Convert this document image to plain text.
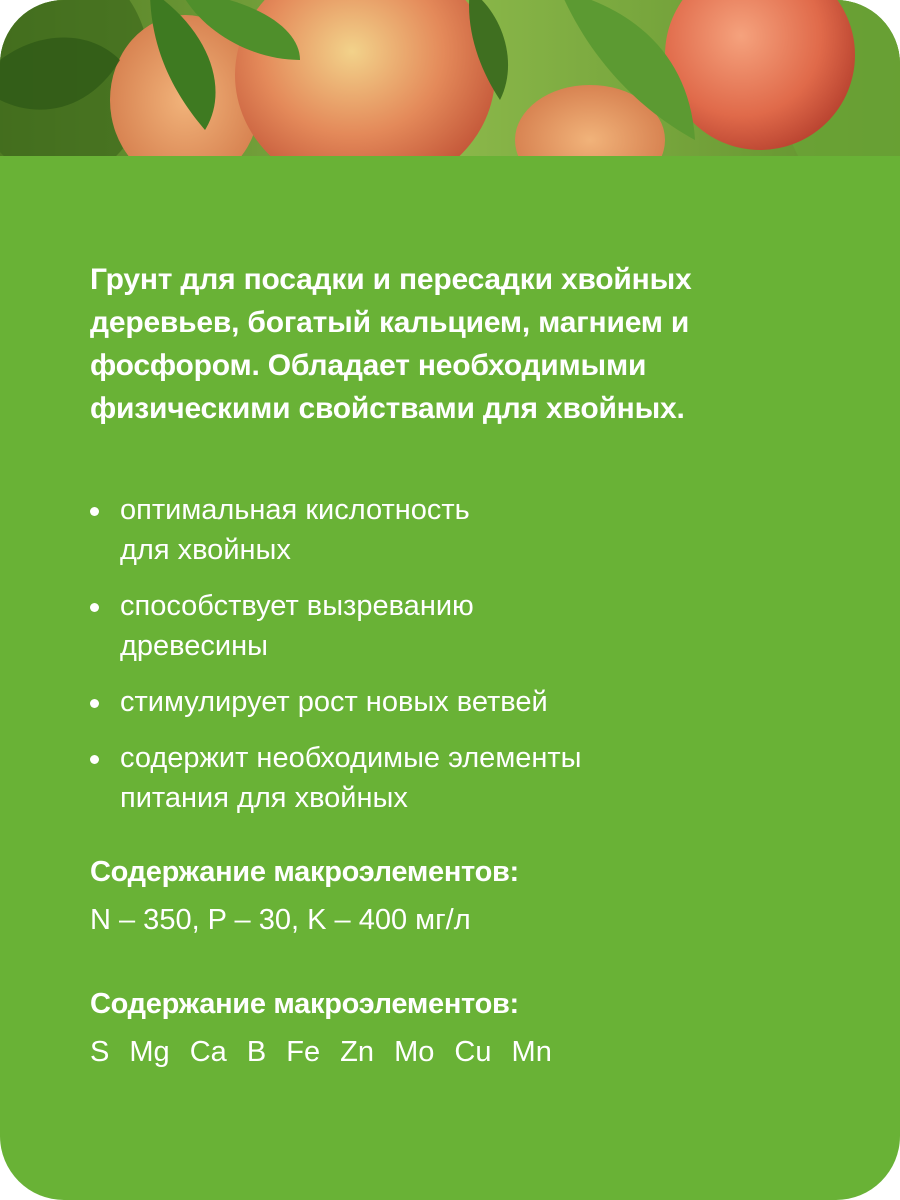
Грунт для посадки и пересадки хвойных деревьев, богатый кальцием, магнием и фосфором. Обладает необходимыми физическими свойствами для хвойных.

оптимальная кислотность
для хвойных
способствует вызреванию
древесины
стимулирует рост новых ветвей
содержит необходимые элементы
питания для хвойных

Содержание макроэлементов:

N – 350, P – 30, K – 400 мг/л

Содержание макроэлементов:

S Mg Ca B Fe Zn Mo Cu Mn
